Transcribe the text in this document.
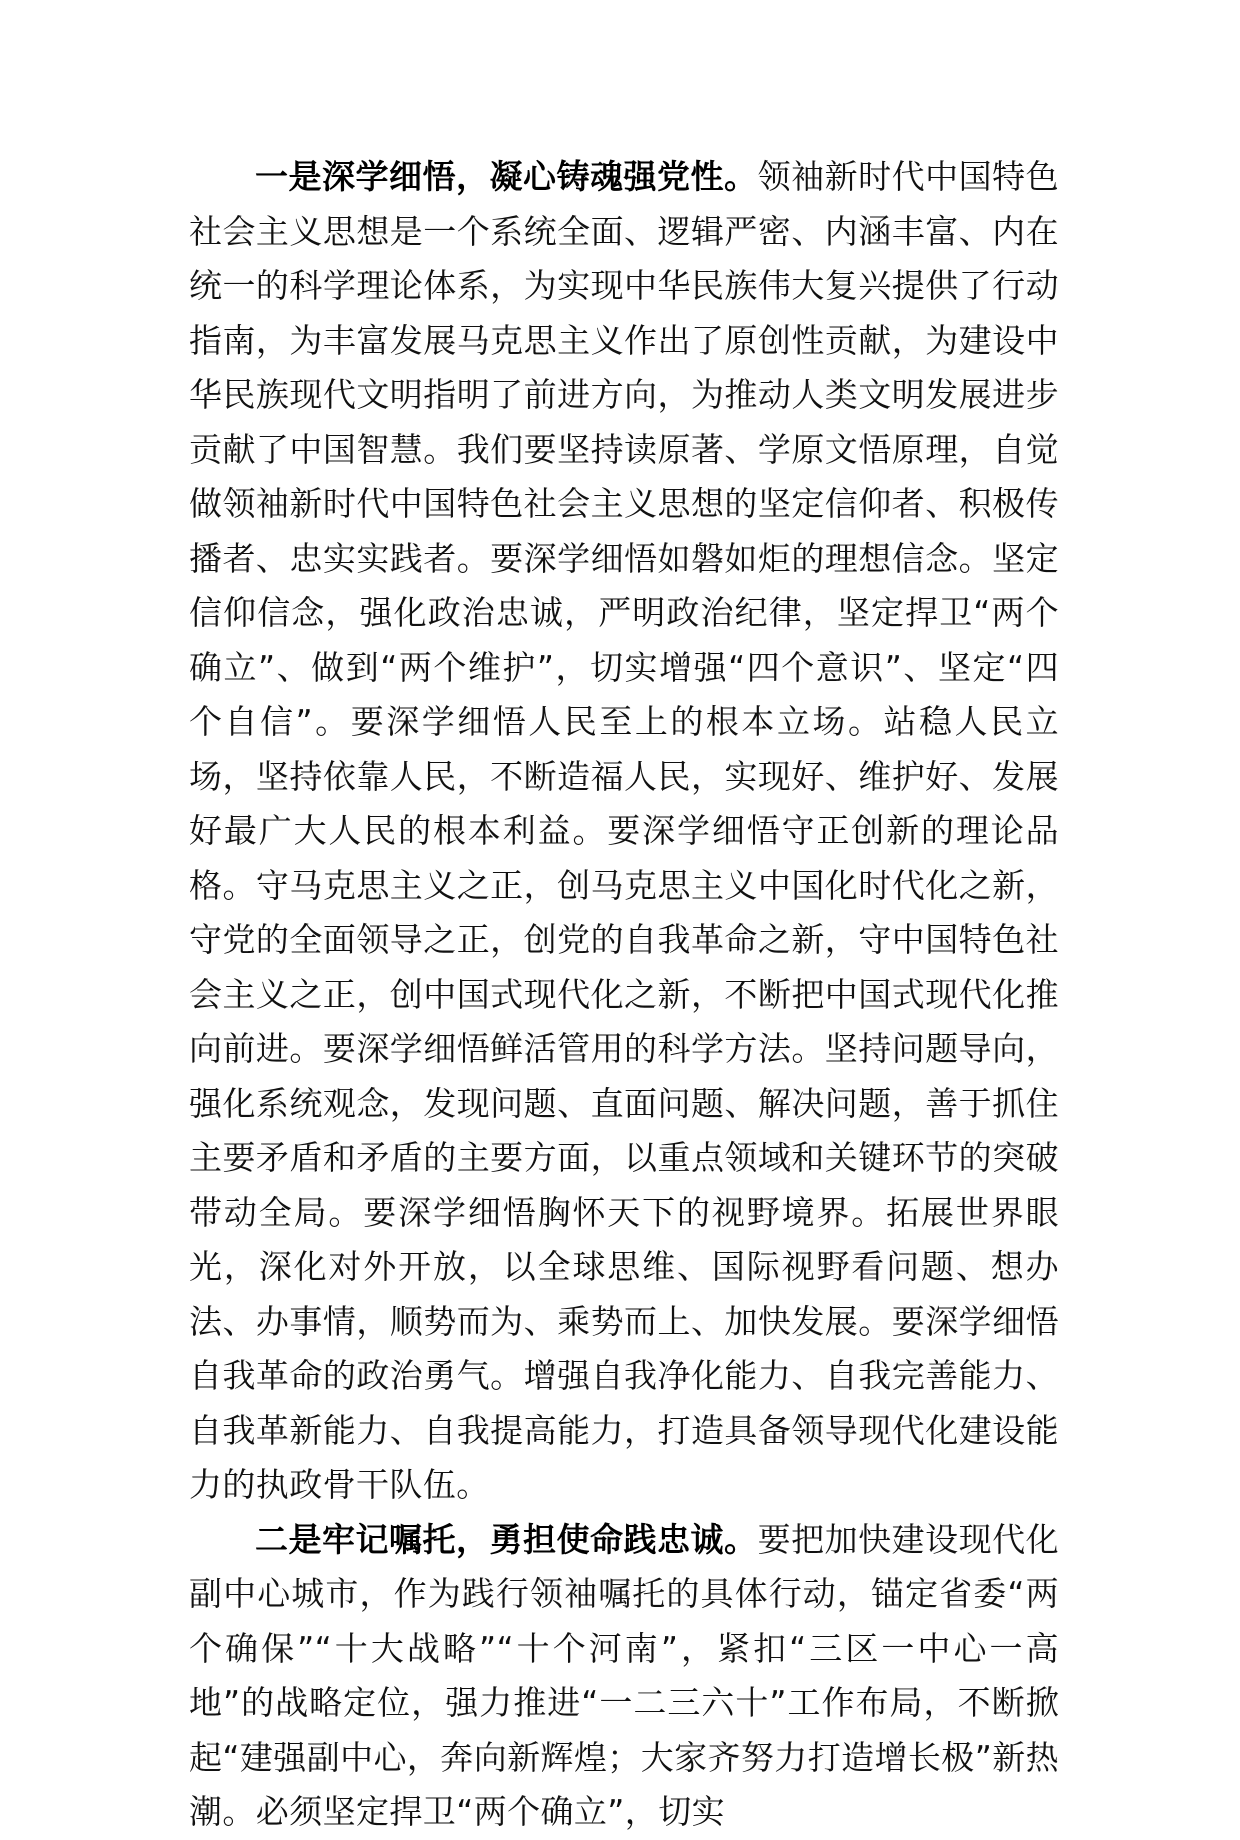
一是深学细悟，凝心铸魂强党性。领袖新时代中国特色社会主义思想是一个系统全面、逻辑严密、内涵丰富、内在统一的科学理论体系，为实现中华民族伟大复兴提供了行动指南，为丰富发展马克思主义作出了原创性贡献，为建设中华民族现代文明指明了前进方向，为推动人类文明发展进步贡献了中国智慧。我们要坚持读原著、学原文悟原理，自觉做领袖新时代中国特色社会主义思想的坚定信仰者、积极传播者、忠实实践者。要深学细悟如磐如炬的理想信念。坚定信仰信念，强化政治忠诚，严明政治纪律，坚定捍卫“两个确立”、做到“两个维护”，切实增强“四个意识”、坚定“四个自信”。要深学细悟人民至上的根本立场。站稳人民立场，坚持依靠人民，不断造福人民，实现好、维护好、发展好最广大人民的根本利益。要深学细悟守正创新的理论品格。守马克思主义之正，创马克思主义中国化时代化之新，守党的全面领导之正，创党的自我革命之新，守中国特色社会主义之正，创中国式现代化之新，不断把中国式现代化推向前进。要深学细悟鲜活管用的科学方法。坚持问题导向，强化系统观念，发现问题、直面问题、解决问题，善于抓住主要矛盾和矛盾的主要方面，以重点领域和关键环节的突破带动全局。要深学细悟胸怀天下的视野境界。拓展世界眼光，深化对外开放，以全球思维、国际视野看问题、想办法、办事情，顺势而为、乘势而上、加快发展。要深学细悟自我革命的政治勇气。增强自我净化能力、自我完善能力、自我革新能力、自我提高能力，打造具备领导现代化建设能力的执政骨干队伍。

二是牢记嘱托，勇担使命践忠诚。要把加快建设现代化副中心城市，作为践行领袖嘱托的具体行动，锚定省委“两个确保”“十大战略”“十个河南”，紧扣“三区一中心一高地”的战略定位，强力推进“一二三六十”工作布局，不断掀起“建强副中心，奔向新辉煌；大家齐努力打造增长极”新热潮。必须坚定捍卫“两个确立”，切实
